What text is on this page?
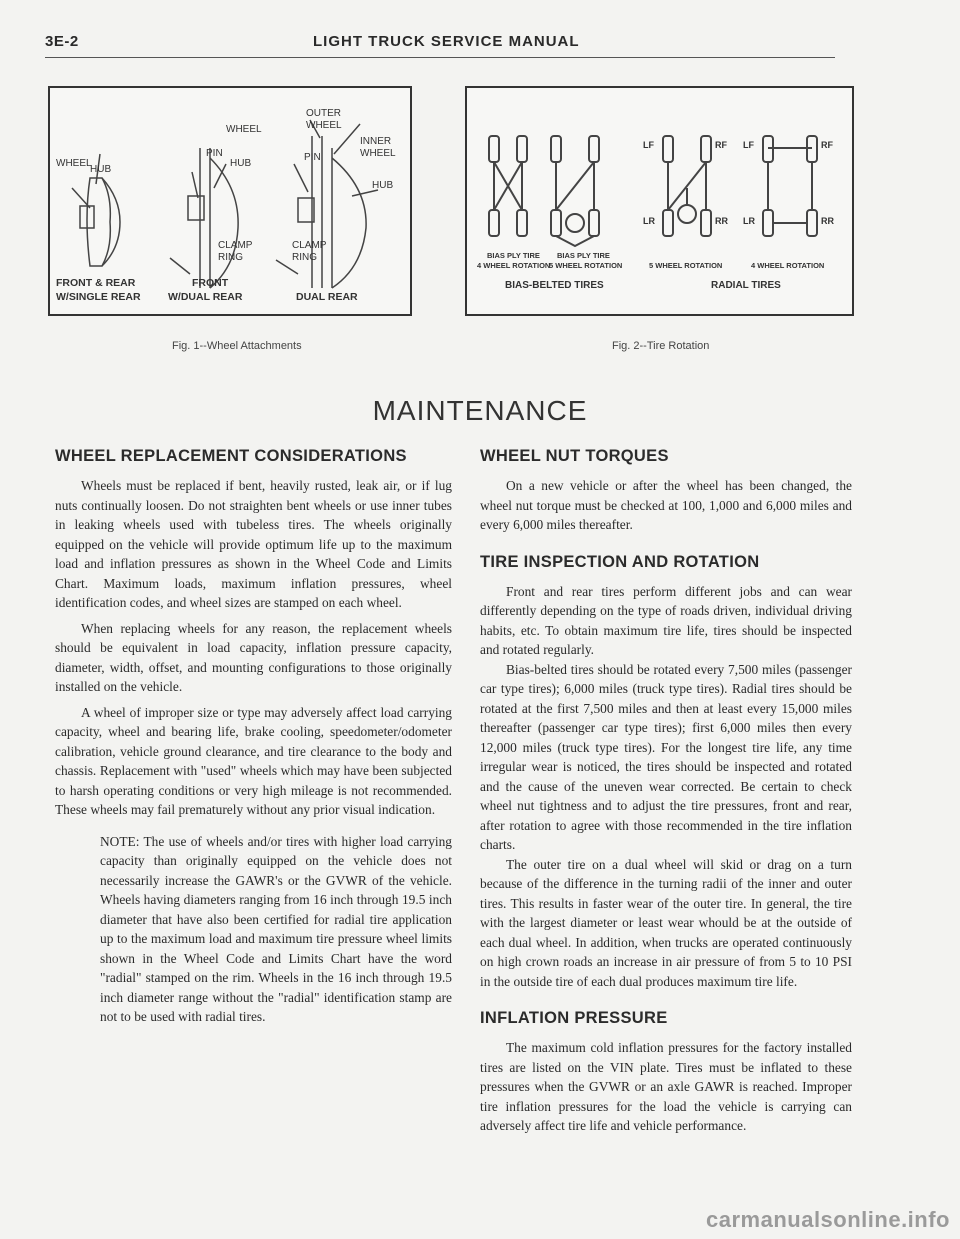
3E-2	LIGHT TRUCK SERVICE MANUAL
WHEEL
HUB
WHEEL
PIN
HUB
CLAMP
RING
OUTER
WHEEL
INNER
WHEEL
PIN
HUB
CLAMP
RING
FRONT & REAR
W/SINGLE REAR
FRONT
W/DUAL REAR	DUAL REAR
Fig. 1--Wheel Attachments
LF	RF
LR	RR
LF	RF
LR	RR
BIAS PLY TIRE
4 WHEEL ROTATION
BIAS PLY TIRE
5 WHEEL ROTATION	5 WHEEL ROTATION	4 WHEEL ROTATION
BIAS-BELTED TIRES	RADIAL TIRES
Fig. 2--Tire Rotation
MAINTENANCE
WHEEL REPLACEMENT CONSIDERATIONS

Wheels must be replaced if bent, heavily rusted, leak air, or if lug nuts continually loosen. Do not straighten bent wheels or use inner tubes in leaking wheels used with tubeless tires. The wheels originally equipped on the vehicle will provide optimum life up to the maximum load and inflation pressures as shown in the Wheel Code and Limits Chart. Maximum loads, maximum inflation pressures, wheel identification codes, and wheel sizes are stamped on each wheel.

When replacing wheels for any reason, the replacement wheels should be equivalent in load capacity, inflation pressure capacity, diameter, width, offset, and mounting configurations to those originally installed on the vehicle.

A wheel of improper size or type may adversely affect load carrying capacity, wheel and bearing life, brake cooling, speedometer/odometer calibration, vehicle ground clearance, and tire clearance to the body and chassis. Replacement with "used" wheels which may have been subjected to harsh operating conditions or very high mileage is not recommended. These wheels may fail prematurely without any prior visual indication.

NOTE: The use of wheels and/or tires with higher load carrying capacity than originally equipped on the vehicle does not necessarily increase the GAWR's or the GVWR of the vehicle. Wheels having diameters ranging from 16 inch through 19.5 inch diameter that have also been certified for radial tire application up to the maximum load and maximum tire pressure wheel limits shown in the Wheel Code and Limits Chart have the word "radial" stamped on the rim. Wheels in the 16 inch through 19.5 inch diameter range without the "radial" identification stamp are not to be used with radial tires.

WHEEL NUT TORQUES

On a new vehicle or after the wheel has been changed, the wheel nut torque must be checked at 100, 1,000 and 6,000 miles and every 6,000 miles thereafter.

TIRE INSPECTION AND ROTATION

Front and rear tires perform different jobs and can wear differently depending on the type of roads driven, individual driving habits, etc. To obtain maximum tire life, tires should be inspected and rotated regularly.

Bias-belted tires should be rotated every 7,500 miles (passenger car type tires); 6,000 miles (truck type tires). Radial tires should be rotated at the first 7,500 miles and then at least every 15,000 miles thereafter (passenger car type tires); first 6,000 miles then every 12,000 miles (truck type tires). For the longest tire life, any time irregular wear is noticed, the tires should be inspected and rotated and the cause of the uneven wear corrected. Be certain to check wheel nut tightness and to adjust the tire pressures, front and rear, after rotation to agree with those recommended in the tire inflation charts.

The outer tire on a dual wheel will skid or drag on a turn because of the difference in the turning radii of the inner and outer tires. This results in faster wear of the outer tire. In general, the tire with the largest diameter or least wear whould be at the outside of each dual wheel. In addition, when trucks are operated continuously on high crown roads an increase in air pressure of from 5 to 10 PSI in the outside tire of each dual produces maximum tire life.

INFLATION PRESSURE

The maximum cold inflation pressures for the factory installed tires are listed on the VIN plate. Tires must be inflated to these pressures when the GVWR or an axle GAWR is reached. Improper tire inflation pressures for the load the vehicle is carrying can adversely affect tire life and vehicle performance.

carmanualsonline.info
